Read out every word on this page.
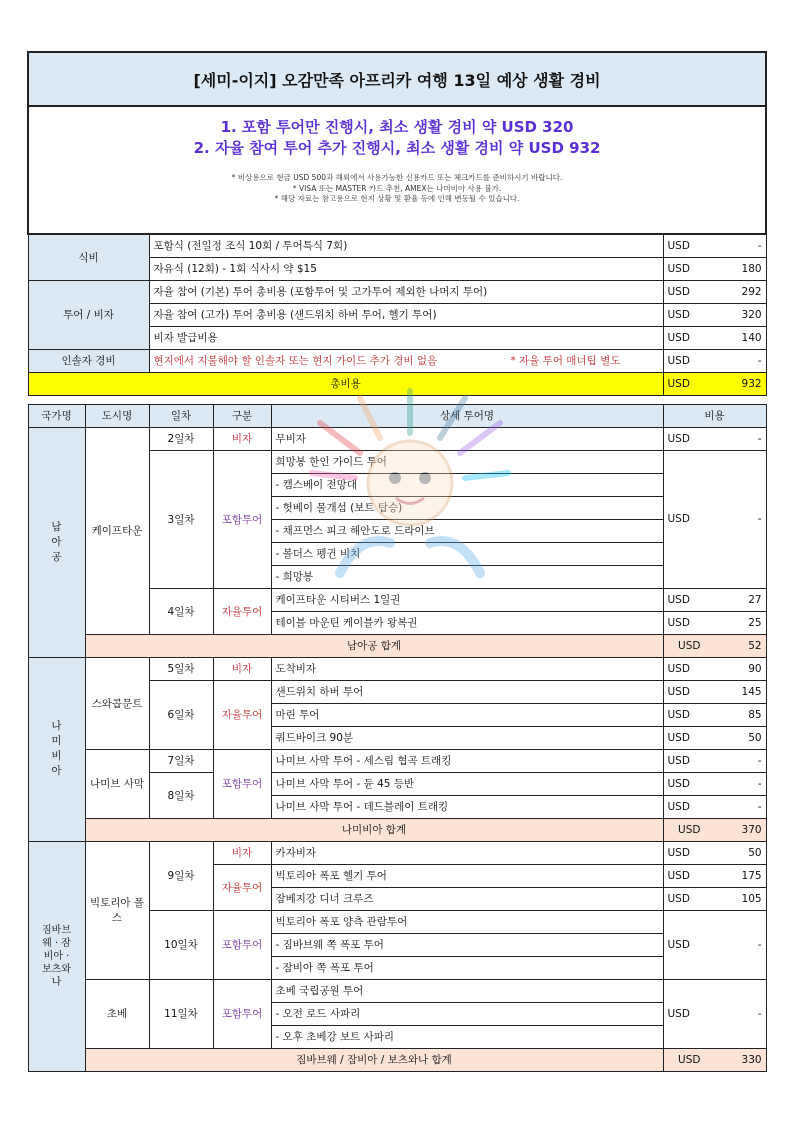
[세미-이지] 오감만족 아프리카 여행 13일 예상 생활 경비						

1. 포함 투어만 진행시, 최소 생활 경비 약 USD 320
2. 자율 참여 투어 추가 진행시, 최소 생활 경비 약 USD 932
* 비상용으로 현금 USD 500과 해외에서 사용가능한 신용카드 또는 체크카드를 준비하시기 바랍니다.
* VISA 또는 MASTER 카드 추천, AMEX는 나미비아 사용 불가.
* 해당 자료는 참고용으로 현지 상황 및 환율 등에 인해 변동될 수 있습니다.						

식비		포함식 (전일정 조식 10회 / 투어특식 7회)			USD	-
		자유식 (12회) - 1회 식사시 약 $15			USD	180
투어 / 비자		자율 참여 (기본) 투어 총비용 (포함투어 및 고가투어 제외한 나머지 투어)			USD	292
		자율 참여 (고가) 투어 총비용 (샌드위치 하버 투어, 헬기 투어)			USD	320
		비자 발급비용			USD	140
인솔자 경비		현지에서 지불해야 할 인솔자 또는 현지 가이드 추가 경비 없음 * 자율 투어 매너팁 별도			USD	-
총비용					USD	932

국가명	도시명	일차	구분	상세 투어명	비용	
남아공	케이프타운	2일차	비자	무비자	USD	-
		3일차	포함투어	희망봉 한인 가이드 투어	USD	-
				- 캠스베이 전망대		
				- 헛베이 물개섬 (보트 탑승)		
				- 채프먼스 피크 해안도로 드라이브		
				- 볼더스 펭귄 비치		
				- 희망봉		
		4일차	자율투어	케이프타운 시티버스 1일권	USD	27
				테이블 마운틴 케이블카 왕복권	USD	25
	남아공 합계				USD	52
나미비아	스와콥문트	5일차	비자	도착비자	USD	90
		6일차	자율투어	샌드위치 하버 투어	USD	145
				마린 투어	USD	85
				쿼드바이크 90분	USD	50
	나미브 사막	7일차	포함투어	나미브 사막 투어 - 세스림 협곡 트래킹	USD	-
		8일차		나미브 사막 투어 - 듄 45 등반	USD	-
				나미브 사막 투어 - 데드블레이 트래킹	USD	-
	나미비아 합계				USD	370
짐바브웨 · 잠비아 · 보츠와나	빅토리아 폴스	9일차	비자	카자비자	USD	50
			자율투어	빅토리아 폭포 헬기 투어	USD	175
				잠베지강 디너 크루즈	USD	105
		10일차	포함투어	빅토리아 폭포 양측 관람투어	USD	-
				- 짐바브웨 쪽 폭포 투어		
				- 잠비아 쪽 폭포 투어		
	초베	11일차	포함투어	초베 국립공원 투어	USD	-
				- 오전 로드 사파리		
				- 오후 초베강 보트 사파리		
	짐바브웨 / 잠비아 / 보츠와나 합계				USD	330
